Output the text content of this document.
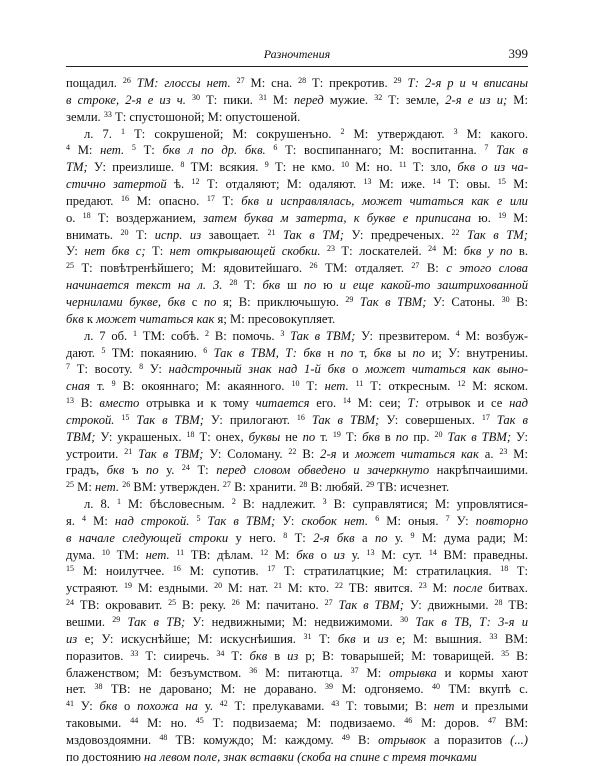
Разночтения	399
пощадил. $^{26}$ TM: глоссы нет. $^{27}$ М: сна. $^{28}$ Т: прекротив. $^{29}$ Т: 2-я р и ч вписаны
в строке, 2-я е из ч. $^{30}$ Т: пики. $^{31}$ М: перед мужие. $^{32}$ Т: земле, 2-я е из и; М:
земли. $^{33}$ Т: спустошоной; М: опустошеной.
л. 7. $^1$ Т: сокрушеной; М: сокрушенъно. $^2$ М: утверждают. $^3$ М: какого.
$^4$ М: нет. $^5$ Т: бкв л по др. бкв. $^6$ Т: воспипаннаго; М: воспитанна. $^7$ Так в
ТМ; У: преизлише. $^8$ TM: всякия. $^9$ Т: не кмо. $^{10}$ М: но. $^{11}$ Т: зло, бкв о из ча-
стично затертой ѣ. $^{12}$ Т: отдаляют; М: одаляют. $^{13}$ М: иже. $^{14}$ Т: овы. $^{15}$ М:
предают. $^{16}$ М: опасно. $^{17}$ Т: бкв и исправлялась, может читаться как е или
о. $^{18}$ Т: воздержанием, затем буква м затерта, к букве е приписана ю. $^{19}$ М:
внимать. $^{20}$ Т: испр. из завощает. $^{21}$ Так в ТМ; У: предреченых. $^{22}$ Так в ТМ;
У: нет бкв с; Т: нет открывающей скобки. $^{23}$ Т: лоскателей. $^{24}$ М: бкв у по в.
$^{25}$ Т: повѣтренѣйшего; М: ядовитейшаго. $^{26}$ TM: отдаляет. $^{27}$ В: с этого слова
начинается текст на л. 3. $^{28}$ Т: бкв ш по ю и еще какой-то заштрихованной
чернилами букве, бкв с по я; В: приключьшую. $^{29}$ Так в ТВМ; У: Сатоны. $^{30}$ В:
бкв к может читаться как я; М: пресовокупляет.
л. 7 об. $^1$ TM: собѣ. $^2$ В: помочь. $^3$ Так в ТВМ; У: презвитером. $^4$ М: возбуж-
дают. $^5$ TM: покаянию. $^6$ Так в ТВМ, Т: бкв н по т, бкв ы по и; У: внутрениы.
$^7$ Т: восоту. $^8$ У: надстрочный знак над 1-й бкв о может читаться как выно-
сная т. $^9$ В: окояннаго; М: акаянного. $^{10}$ Т: нет. $^{11}$ Т: откресным. $^{12}$ М: яском.
$^{13}$ В: вместо отрывка и к тому читается его. $^{14}$ М: сеи; Т: отрывок и се над
строкой. $^{15}$ Так в ТВМ; У: прилогают. $^{16}$ Так в ТВМ; У: совершеных. $^{17}$ Так в
ТВМ; У: украшеных. $^{18}$ Т: онех, буквы не по т. $^{19}$ Т: бкв в по пр. $^{20}$ Так в ТВМ; У:
устроити. $^{21}$ Так в ТВМ; У: Соломану. $^{22}$ В: 2-я и может читаться как а. $^{23}$ М:
градъ, бкв ъ по у. $^{24}$ Т: перед словом обведено и зачеркнуто накрѣпчаишими.
$^{25}$ М: нет. $^{26}$ ВМ: утвержден. $^{27}$ В: хранити. $^{28}$ В: любяй. $^{29}$ ТВ: исчезнет.
л. 8. $^1$ М: бѣсловесным. $^2$ В: надлежит. $^3$ В: суправлятися; М: упровлятися-
я. $^4$ М: над строкой. $^5$ Так в ТВМ; У: скобок нет. $^6$ М: оныя. $^7$ У: повторно
в начале следующей строки у него. $^8$ Т: 2-я бкв а по у. $^9$ М: думa ради; М:
дума. $^{10}$ ТМ: нет. $^{11}$ ТВ: дѣлам. $^{12}$ М: бкв о из у. $^{13}$ М: сут. $^{14}$ ВМ: праведны.
$^{15}$ М: ноилутчее. $^{16}$ М: супотив. $^{17}$ Т: стратилатцкие; М: стратилацкия. $^{18}$ Т:
устраяют. $^{19}$ М: ездными. $^{20}$ М: нат. $^{21}$ М: кто. $^{22}$ ТВ: явится. $^{23}$ М: после битвах.
$^{24}$ ТВ: окровавит. $^{25}$ В: реку. $^{26}$ М: пачитано. $^{27}$ Так в ТВМ; У: движными. $^{28}$ ТВ:
вешми. $^{29}$ Так в ТВ; У: недвижными; М: недвижимоми. $^{30}$ Так в ТВ, Т: 3-я и
из е; У: искуснѣйше; М: искуснѣишия. $^{31}$ Т: бкв и из е; М: вышния. $^{33}$ ВМ:
поразитов. $^{33}$ Т: сииречь. $^{34}$ Т: бкв в из р; В: товарышей; М: товарищей. $^{35}$ В:
блаженством; М: безъумством. $^{36}$ М: питаютца. $^{37}$ М: отрывка и кормы хают
нет. $^{38}$ ТВ: не дарованo; М: не доравано. $^{39}$ М: одгоняемо. $^{40}$ ТМ: вкупѣ с.
$^{41}$ У: бкв о похожа на у. $^{42}$ Т: прелукавами. $^{43}$ Т: товыми; В: нет и презлыми
таковыми. $^{44}$ М: но. $^{45}$ Т: подвизаема; М: подвизаемо. $^{46}$ М: доров. $^{47}$ ВМ:
мздовоздоямни. $^{48}$ ТВ: комуждо; М: каждому. $^{49}$ В: отрывок а поразитов (...)
по достоянию на левом поле, знак вставки (скоба на спине с тремя точками
